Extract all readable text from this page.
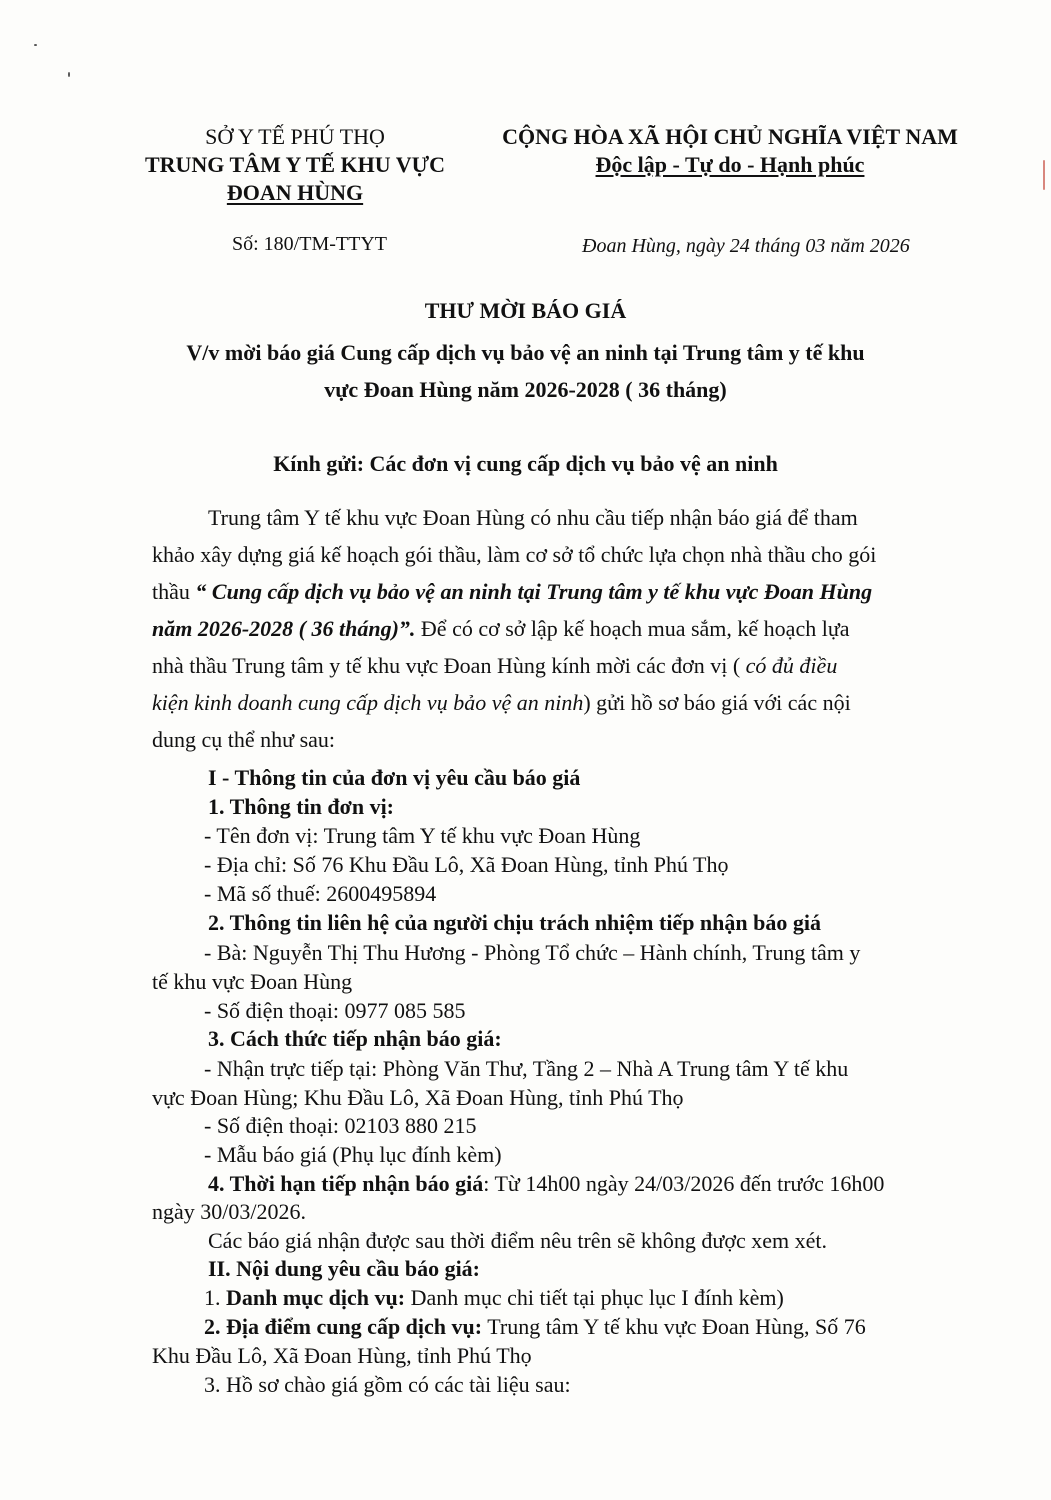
SỞ Y TẾ PHÚ THỌ
TRUNG TÂM Y TẾ KHU VỰC
ĐOAN HÙNG
CỘNG HÒA XÃ HỘI CHỦ NGHĨA VIỆT NAM
Độc lập - Tự do - Hạnh phúc
Số: 180/TM-TTYT	Đoan Hùng, ngày 24 tháng 03 năm 2026
THƯ MỜI BÁO GIÁ
V/v mời báo giá Cung cấp dịch vụ bảo vệ an ninh tại Trung tâm y tế khu
vực Đoan Hùng năm 2026-2028 ( 36 tháng)
Kính gửi: Các đơn vị cung cấp dịch vụ bảo vệ an ninh
Trung tâm Y tế khu vực Đoan Hùng có nhu cầu tiếp nhận báo giá để tham
khảo xây dựng giá kế hoạch gói thầu, làm cơ sở tổ chức lựa chọn nhà thầu cho gói
thầu “ Cung cấp dịch vụ bảo vệ an ninh tại Trung tâm y tế khu vực Đoan Hùng
năm 2026-2028 ( 36 tháng)”. Để có cơ sở lập kế hoạch mua sắm, kế hoạch lựa
nhà thầu Trung tâm y tế khu vực Đoan Hùng kính mời các đơn vị ( có đủ điều
kiện kinh doanh cung cấp dịch vụ bảo vệ an ninh) gửi hồ sơ báo giá với các nội
dung cụ thể như sau:
I - Thông tin của đơn vị yêu cầu báo giá
1. Thông tin đơn vị:
- Tên đơn vị: Trung tâm Y tế khu vực Đoan Hùng
- Địa chỉ: Số 76 Khu Đầu Lô, Xã Đoan Hùng, tỉnh Phú Thọ
- Mã số thuế: 2600495894
2. Thông tin liên hệ của người chịu trách nhiệm tiếp nhận báo giá
- Bà: Nguyễn Thị Thu Hương - Phòng Tổ chức – Hành chính, Trung tâm y
tế khu vực Đoan Hùng
- Số điện thoại: 0977 085 585
3. Cách thức tiếp nhận báo giá:
- Nhận trực tiếp tại: Phòng Văn Thư, Tầng 2 – Nhà A Trung tâm Y tế khu
vực Đoan Hùng; Khu Đầu Lô, Xã Đoan Hùng, tỉnh Phú Thọ
- Số điện thoại: 02103 880 215
- Mẫu báo giá (Phụ lục đính kèm)
4. Thời hạn tiếp nhận báo giá: Từ 14h00 ngày 24/03/2026 đến trước 16h00
ngày 30/03/2026.
Các báo giá nhận được sau thời điểm nêu trên sẽ không được xem xét.
II. Nội dung yêu cầu báo giá:
1. Danh mục dịch vụ: Danh mục chi tiết tại phục lục I đính kèm)
2. Địa điểm cung cấp dịch vụ: Trung tâm Y tế khu vực Đoan Hùng, Số 76
Khu Đầu Lô, Xã Đoan Hùng, tỉnh Phú Thọ
3. Hồ sơ chào giá gồm có các tài liệu sau:
